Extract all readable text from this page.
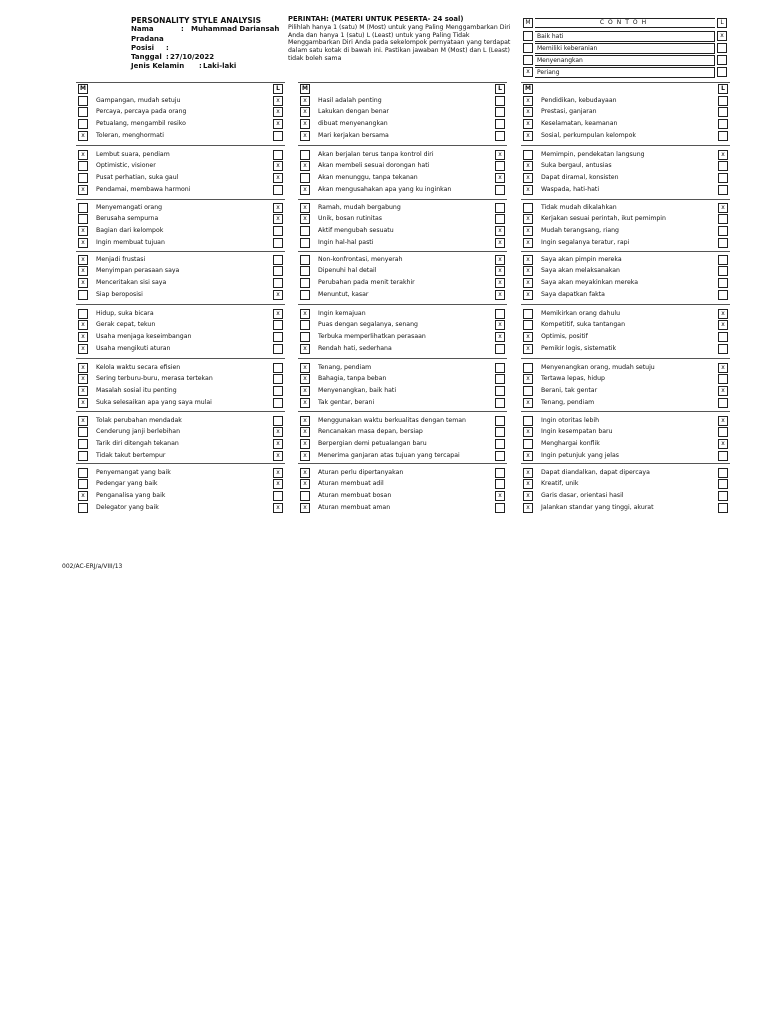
PERSONALITY STYLE ANALYSIS
Nama	:	Muhammad Dariansah Pradana
Posisi	:
Tanggal : 27/10/2022
Jenis Kelamin	: Laki-laki
PERINTAH: (MATERI UNTUK PESERTA- 24 soal)
Pilihlah hanya 1 (satu) M (Most) untuk yang Paling Menggambarkan Diri Anda dan hanya 1 (satu) L (Least) untuk yang Paling Tidak Menggambarkan Diri Anda pada sekelompok pernyataan yang terdapat dalam satu kotak di bawah ini. Pastikan jawaban M (Most) dan L (Least) tidak boleh sama
M	CONTOH	L
Baik hati	x
Memiliki keberanian
Menyenangkan
x	Periang
M	L
Gampangan, mudah setuju	x
Percaya, percaya pada orang	x
Petualang, mengambil resiko	x
x	Toleran, menghormati
x	Lembut suara, pendiam
Optimistic, visioner	x
Pusat perhatian, suka gaul	x
x	Pendamai, membawa harmoni
Menyemangati orang	x
Berusaha sempurna	x
x	Bagian dari kelompok
x	Ingin membuat tujuan
x	Menjadi frustasi
x	Menyimpan perasaan saya
x	Menceritakan sisi saya
Siap beroposisi	x
Hidup, suka bicara	x
x	Gerak cepat, tekun
x	Usaha menjaga keseimbangan
x	Usaha mengikuti aturan
x	Kelola waktu secara efisien
x	Sering terburu-buru, merasa tertekan
x	Masalah sosial itu penting
x	Suka selesaikan apa yang saya mulai
x	Tolak perubahan mendadak
Cenderung janji berlebihan	x
Tarik diri ditengah tekanan	x
Tidak takut bertempur	x
Penyemangat yang baik	x
Pedengar yang baik	x
x	Penganalisa yang baik
Delegator yang baik	x
M	L
x	Hasil adalah penting
x	Lakukan dengan benar
x	dibuat menyenangkan
x	Mari kerjakan bersama
Akan berjalan terus tanpa kontrol diri	x
x	Akan membeli sesuai dorongan hati
Akan menunggu, tanpa tekanan	x
x	Akan mengusahakan apa yang ku inginkan
x	Ramah, mudah bergabung
x	Unik, bosan rutinitas
Aktif mengubah sesuatu	x
Ingin hal-hal pasti	x
Non-konfrontasi, menyerah	x
Dipenuhi hal detail	x
Perubahan pada menit terakhir	x
Menuntut, kasar	x
x	Ingin kemajuan
Puas dengan segalanya, senang	x
Terbuka memperlihatkan perasaan	x
x	Rendah hati, sederhana
x	Tenang, pendiam
x	Bahagia, tanpa beban
x	Menyenangkan, baik hati
x	Tak gentar, berani
x	Menggunakan waktu berkualitas dengan teman
x	Rencanakan masa depan, bersiap
x	Berpergian demi petualangan baru
x	Menerima ganjaran atas tujuan yang tercapai
x	Aturan perlu dipertanyakan
x	Aturan membuat adil
Aturan membuat bosan	x
x	Aturan membuat aman
M	L
x	Pendidikan, kebudayaan
x	Prestasi, ganjaran
x	Keselamatan, keamanan
x	Sosial, perkumpulan kelompok
Memimpin, pendekatan langsung	x
x	Suka bergaul, antusias
x	Dapat diramal, konsisten
x	Waspada, hati-hati
Tidak mudah dikalahkan	x
x	Kerjakan sesuai perintah, ikut pemimpin
x	Mudah terangsang, riang
x	Ingin segalanya teratur, rapi
x	Saya akan pimpin mereka
x	Saya akan melaksanakan
x	Saya akan meyakinkan mereka
x	Saya dapatkan fakta
Memikirkan orang dahulu	x
Kompetitif, suka tantangan	x
x	Optimis, positif
x	Pemikir logis, sistematik
Menyenangkan orang, mudah setuju	x
x	Tertawa lepas, hidup
Berani, tak gentar	x
x	Tenang, pendiam
Ingin otoritas lebih	x
x	Ingin kesempatan baru
Menghargai konflik	x
x	Ingin petunjuk yang jelas
x	Dapat diandalkan, dapat dipercaya
x	Kreatif, unik
x	Garis dasar, orientasi hasil
x	Jalankan standar yang tinggi, akurat
002/AC-ERJ/a/VIII/13
